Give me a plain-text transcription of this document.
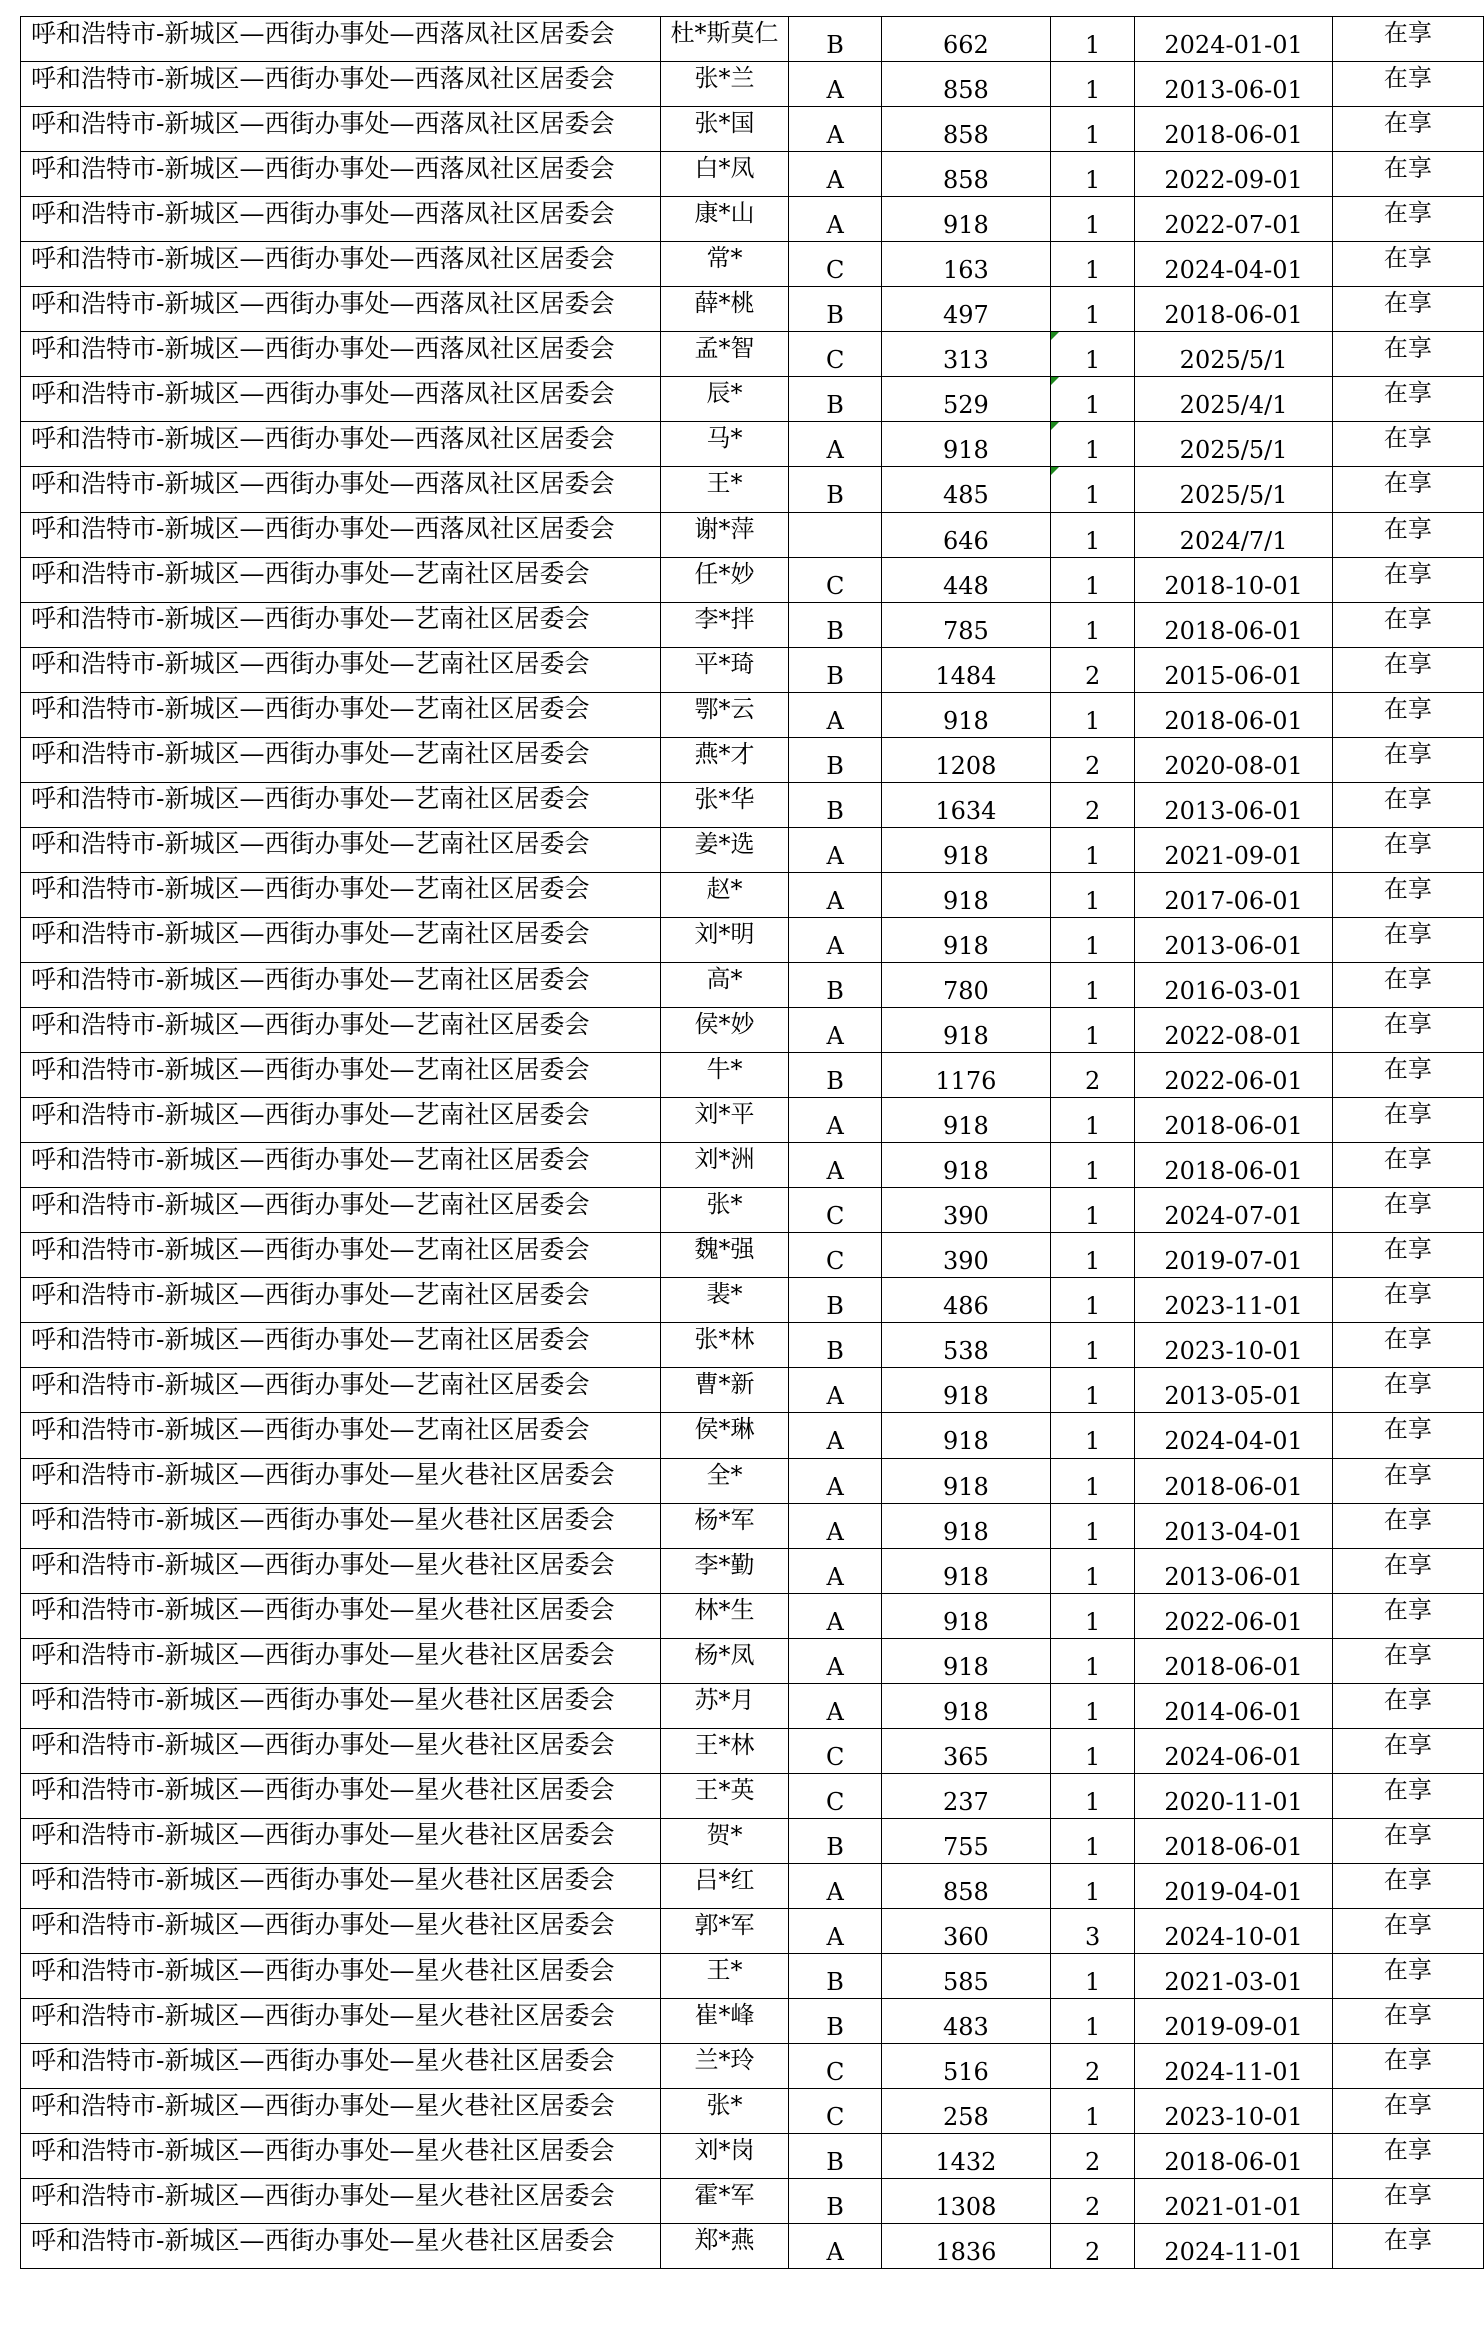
呼和浩特市-新城区—西街办事处—西落凤社区居委会	杜*斯莫仁	B	662	1	2024-01-01	在享
呼和浩特市-新城区—西街办事处—西落凤社区居委会	张*兰	A	858	1	2013-06-01	在享
呼和浩特市-新城区—西街办事处—西落凤社区居委会	张*国	A	858	1	2018-06-01	在享
呼和浩特市-新城区—西街办事处—西落凤社区居委会	白*凤	A	858	1	2022-09-01	在享
呼和浩特市-新城区—西街办事处—西落凤社区居委会	康*山	A	918	1	2022-07-01	在享
呼和浩特市-新城区—西街办事处—西落凤社区居委会	常*	C	163	1	2024-04-01	在享
呼和浩特市-新城区—西街办事处—西落凤社区居委会	薛*桃	B	497	1	2018-06-01	在享
呼和浩特市-新城区—西街办事处—西落凤社区居委会	孟*智	C	313	1	2025/5/1	在享
呼和浩特市-新城区—西街办事处—西落凤社区居委会	辰*	B	529	1	2025/4/1	在享
呼和浩特市-新城区—西街办事处—西落凤社区居委会	马*	A	918	1	2025/5/1	在享
呼和浩特市-新城区—西街办事处—西落凤社区居委会	王*	B	485	1	2025/5/1	在享
呼和浩特市-新城区—西街办事处—西落凤社区居委会	谢*萍		646	1	2024/7/1	在享
呼和浩特市-新城区—西街办事处—艺南社区居委会	任*妙	C	448	1	2018-10-01	在享
呼和浩特市-新城区—西街办事处—艺南社区居委会	李*拌	B	785	1	2018-06-01	在享
呼和浩特市-新城区—西街办事处—艺南社区居委会	平*琦	B	1484	2	2015-06-01	在享
呼和浩特市-新城区—西街办事处—艺南社区居委会	鄂*云	A	918	1	2018-06-01	在享
呼和浩特市-新城区—西街办事处—艺南社区居委会	燕*才	B	1208	2	2020-08-01	在享
呼和浩特市-新城区—西街办事处—艺南社区居委会	张*华	B	1634	2	2013-06-01	在享
呼和浩特市-新城区—西街办事处—艺南社区居委会	姜*选	A	918	1	2021-09-01	在享
呼和浩特市-新城区—西街办事处—艺南社区居委会	赵*	A	918	1	2017-06-01	在享
呼和浩特市-新城区—西街办事处—艺南社区居委会	刘*明	A	918	1	2013-06-01	在享
呼和浩特市-新城区—西街办事处—艺南社区居委会	高*	B	780	1	2016-03-01	在享
呼和浩特市-新城区—西街办事处—艺南社区居委会	侯*妙	A	918	1	2022-08-01	在享
呼和浩特市-新城区—西街办事处—艺南社区居委会	牛*	B	1176	2	2022-06-01	在享
呼和浩特市-新城区—西街办事处—艺南社区居委会	刘*平	A	918	1	2018-06-01	在享
呼和浩特市-新城区—西街办事处—艺南社区居委会	刘*洲	A	918	1	2018-06-01	在享
呼和浩特市-新城区—西街办事处—艺南社区居委会	张*	C	390	1	2024-07-01	在享
呼和浩特市-新城区—西街办事处—艺南社区居委会	魏*强	C	390	1	2019-07-01	在享
呼和浩特市-新城区—西街办事处—艺南社区居委会	裴*	B	486	1	2023-11-01	在享
呼和浩特市-新城区—西街办事处—艺南社区居委会	张*林	B	538	1	2023-10-01	在享
呼和浩特市-新城区—西街办事处—艺南社区居委会	曹*新	A	918	1	2013-05-01	在享
呼和浩特市-新城区—西街办事处—艺南社区居委会	侯*琳	A	918	1	2024-04-01	在享
呼和浩特市-新城区—西街办事处—星火巷社区居委会	全*	A	918	1	2018-06-01	在享
呼和浩特市-新城区—西街办事处—星火巷社区居委会	杨*军	A	918	1	2013-04-01	在享
呼和浩特市-新城区—西街办事处—星火巷社区居委会	李*勤	A	918	1	2013-06-01	在享
呼和浩特市-新城区—西街办事处—星火巷社区居委会	林*生	A	918	1	2022-06-01	在享
呼和浩特市-新城区—西街办事处—星火巷社区居委会	杨*凤	A	918	1	2018-06-01	在享
呼和浩特市-新城区—西街办事处—星火巷社区居委会	苏*月	A	918	1	2014-06-01	在享
呼和浩特市-新城区—西街办事处—星火巷社区居委会	王*林	C	365	1	2024-06-01	在享
呼和浩特市-新城区—西街办事处—星火巷社区居委会	王*英	C	237	1	2020-11-01	在享
呼和浩特市-新城区—西街办事处—星火巷社区居委会	贺*	B	755	1	2018-06-01	在享
呼和浩特市-新城区—西街办事处—星火巷社区居委会	吕*红	A	858	1	2019-04-01	在享
呼和浩特市-新城区—西街办事处—星火巷社区居委会	郭*军	A	360	3	2024-10-01	在享
呼和浩特市-新城区—西街办事处—星火巷社区居委会	王*	B	585	1	2021-03-01	在享
呼和浩特市-新城区—西街办事处—星火巷社区居委会	崔*峰	B	483	1	2019-09-01	在享
呼和浩特市-新城区—西街办事处—星火巷社区居委会	兰*玲	C	516	2	2024-11-01	在享
呼和浩特市-新城区—西街办事处—星火巷社区居委会	张*	C	258	1	2023-10-01	在享
呼和浩特市-新城区—西街办事处—星火巷社区居委会	刘*岗	B	1432	2	2018-06-01	在享
呼和浩特市-新城区—西街办事处—星火巷社区居委会	霍*军	B	1308	2	2021-01-01	在享
呼和浩特市-新城区—西街办事处—星火巷社区居委会	郑*燕	A	1836	2	2024-11-01	在享
